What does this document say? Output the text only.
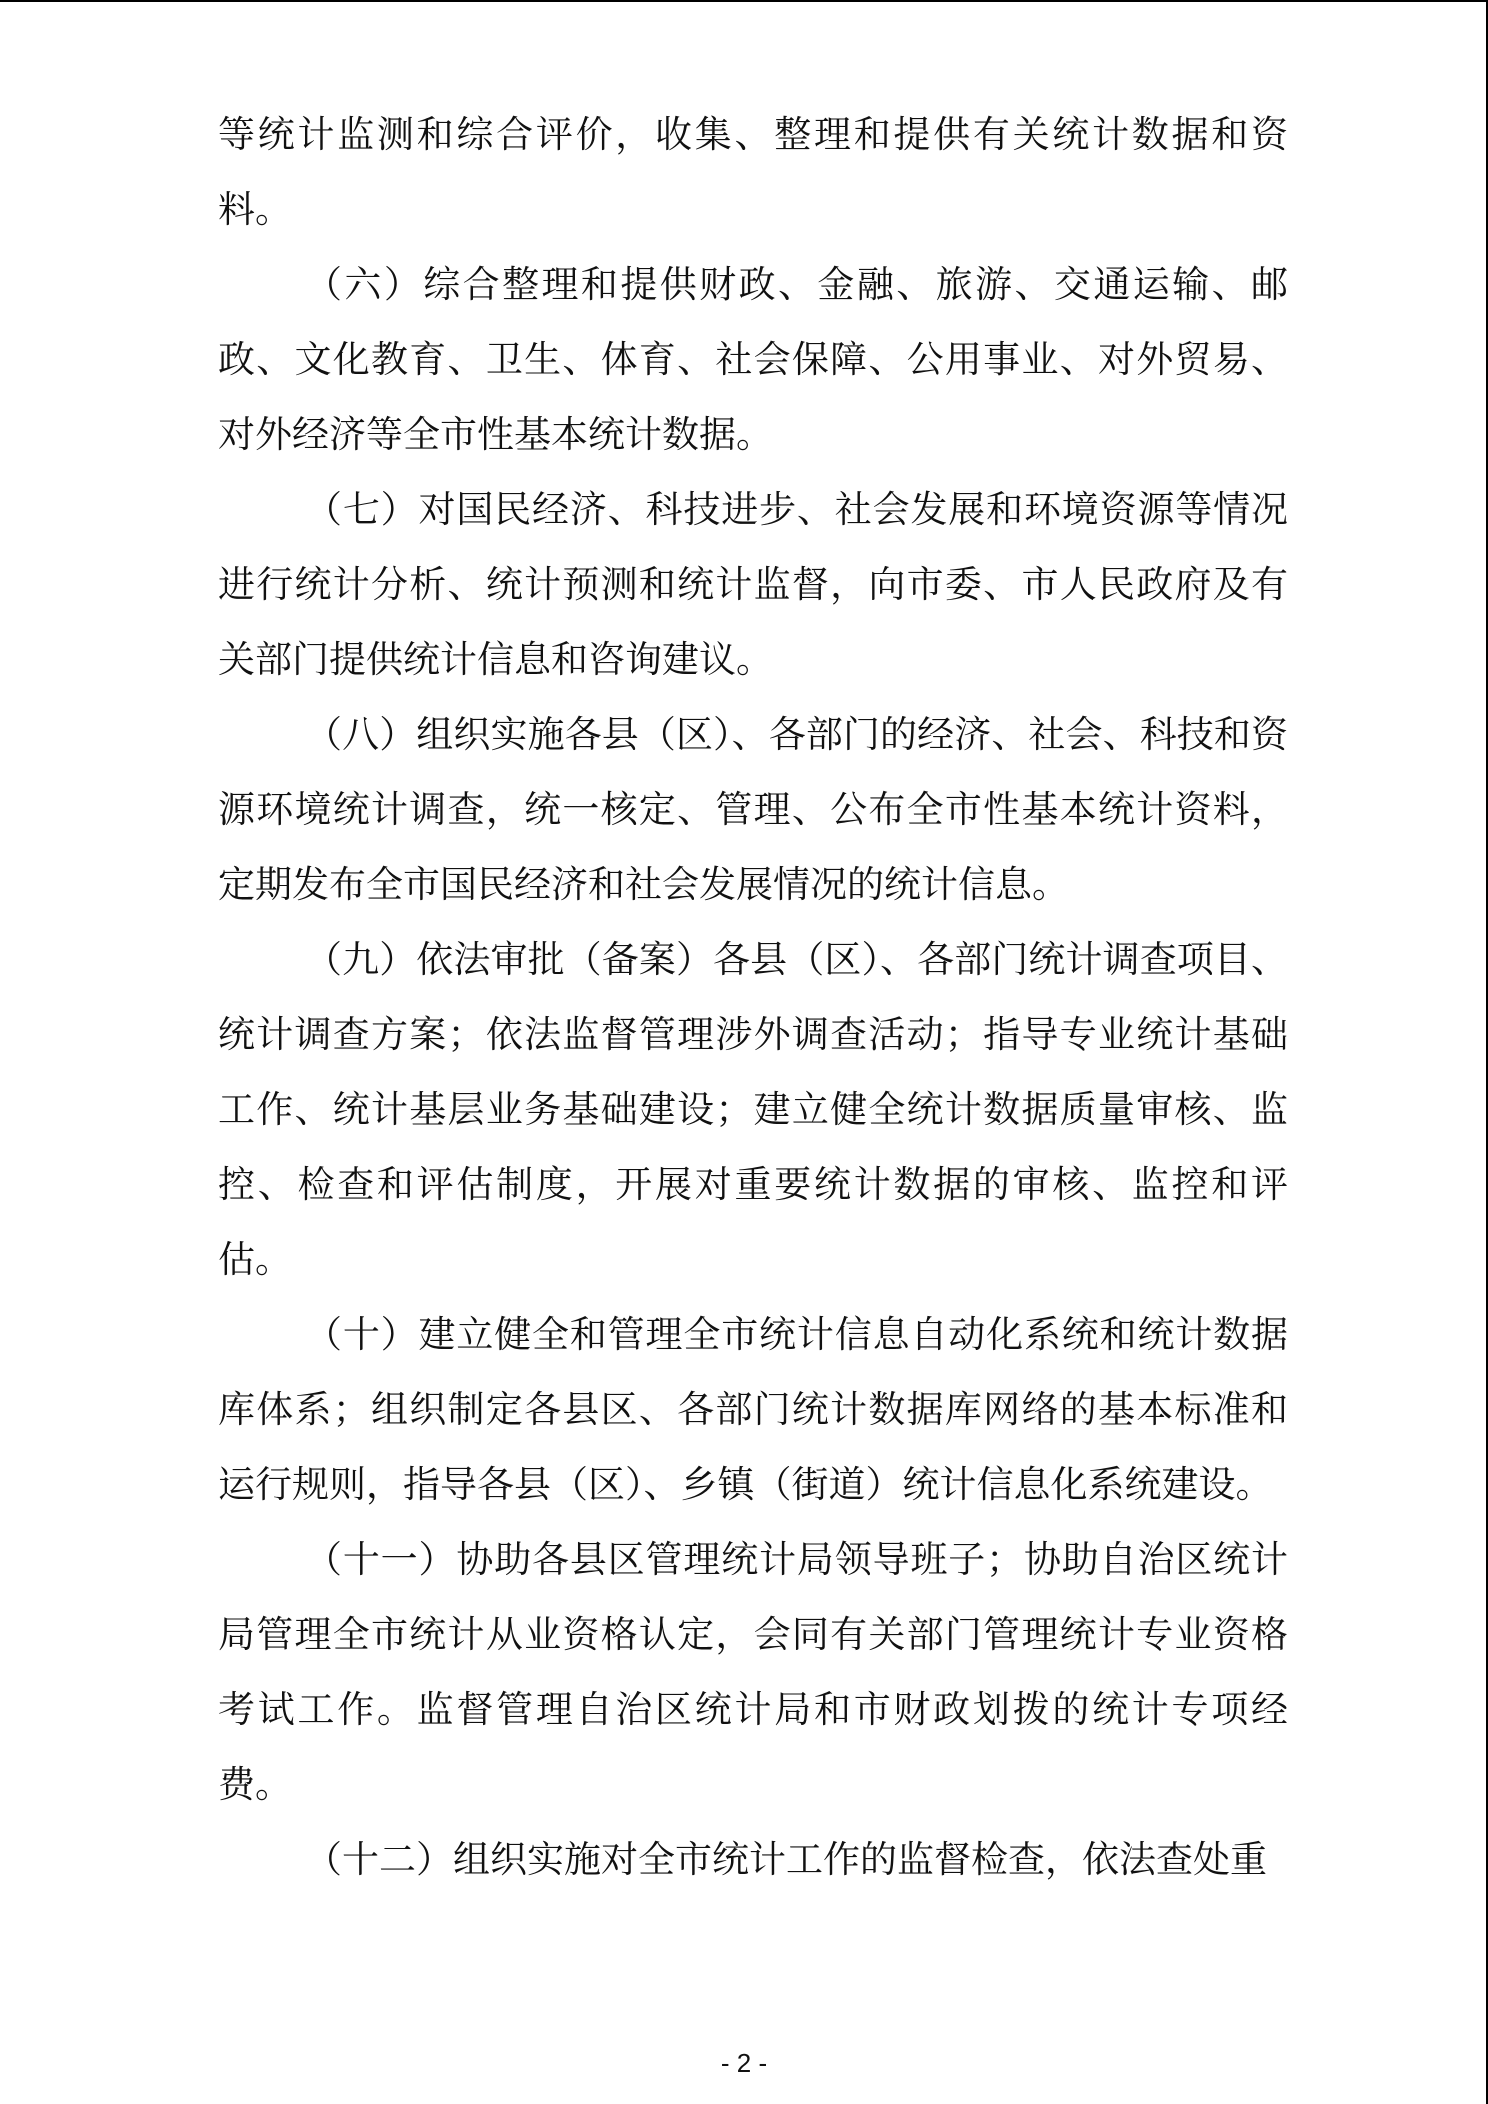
等统计监测和综合评价，收集、整理和提供有关统计数据和资料。

（六）综合整理和提供财政、金融、旅游、交通运输、邮政、文化教育、卫生、体育、社会保障、公用事业、对外贸易、对外经济等全市性基本统计数据。

（七）对国民经济、科技进步、社会发展和环境资源等情况进行统计分析、统计预测和统计监督，向市委、市人民政府及有关部门提供统计信息和咨询建议。

（八）组织实施各县（区）、各部门的经济、社会、科技和资源环境统计调查，统一核定、管理、公布全市性基本统计资料，定期发布全市国民经济和社会发展情况的统计信息。

（九）依法审批（备案）各县（区）、各部门统计调查项目、统计调查方案；依法监督管理涉外调查活动；指导专业统计基础工作、统计基层业务基础建设；建立健全统计数据质量审核、监控、检查和评估制度，开展对重要统计数据的审核、监控和评估。

（十）建立健全和管理全市统计信息自动化系统和统计数据库体系；组织制定各县区、各部门统计数据库网络的基本标准和运行规则，指导各县（区）、乡镇（街道）统计信息化系统建设。

（十一）协助各县区管理统计局领导班子；协助自治区统计局管理全市统计从业资格认定，会同有关部门管理统计专业资格考试工作。监督管理自治区统计局和市财政划拨的统计专项经费。

（十二）组织实施对全市统计工作的监督检查，依法查处重

- 2 -
